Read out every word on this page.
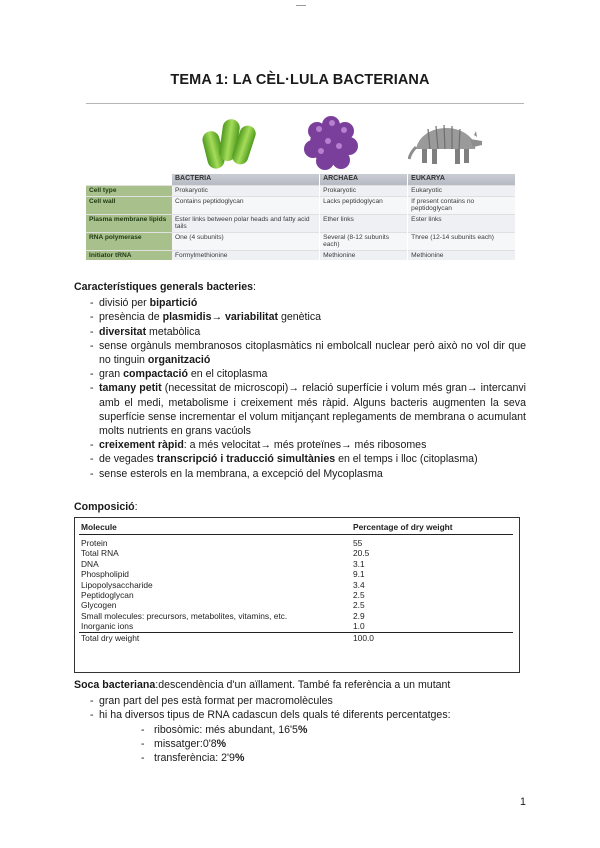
TEMA 1: LA CÈL·LULA BACTERIANA
	BACTERIA	ARCHAEA	EUKARYA
Cell type	Prokaryotic	Prokaryotic	Eukaryotic
Cell wall	Contains peptidoglycan	Lacks peptidoglycan	If present contains no peptidoglycan
Plasma membrane lipids	Ester links between polar heads and fatty acid tails	Ether links	Ester links
RNA polymerase	One (4 subunits)	Several (8-12 subunits each)	Three (12-14 subunits each)
Initiator tRNA	Formylmethionine	Methionine	Methionine
Característiques generals bacteries:
- divisió per bipartició
- presència de plasmidis→ variabilitat genètica
- diversitat metabòlica
- sense orgànuls membranosos citoplasmàtics ni embolcall nuclear però això no vol dir que no tinguin organització
- gran compactació en el citoplasma
- tamany petit (necessitat de microscopi)→ relació superfície i volum més gran→ intercanvi amb el medi, metabolisme i creixement més ràpid. Alguns bacteris augmenten la seva superfície sense incrementar el volum mitjançant replegaments de membrana o acumulant molts nutrients en grans vacúols
- creixement ràpid: a més velocitat→ més proteïnes→ més ribosomes
- de vegades transcripció i traducció simultànies en el temps i lloc (citoplasma)
- sense esterols en la membrana, a excepció del Mycoplasma
Composició:
Molecule	Percentage of dry weight
Protein	55
Total RNA	20.5
DNA	3.1
Phospholipid	9.1
Lipopolysaccharide	3.4
Peptidoglycan	2.5
Glycogen	2.5
Small molecules: precursors, metabolites, vitamins, etc.	2.9
Inorganic ions	1.0
Total dry weight	100.0
Soca bacteriana:descendència d'un aïllament. També fa referència a un mutant
- gran part del pes està format per macromolècules
- hi ha diversos tipus de RNA cadascun dels quals té diferents percentatges:
- ribosòmic: més abundant, 16'5%
- missatger:0'8%
- transferència: 2'9%
1
